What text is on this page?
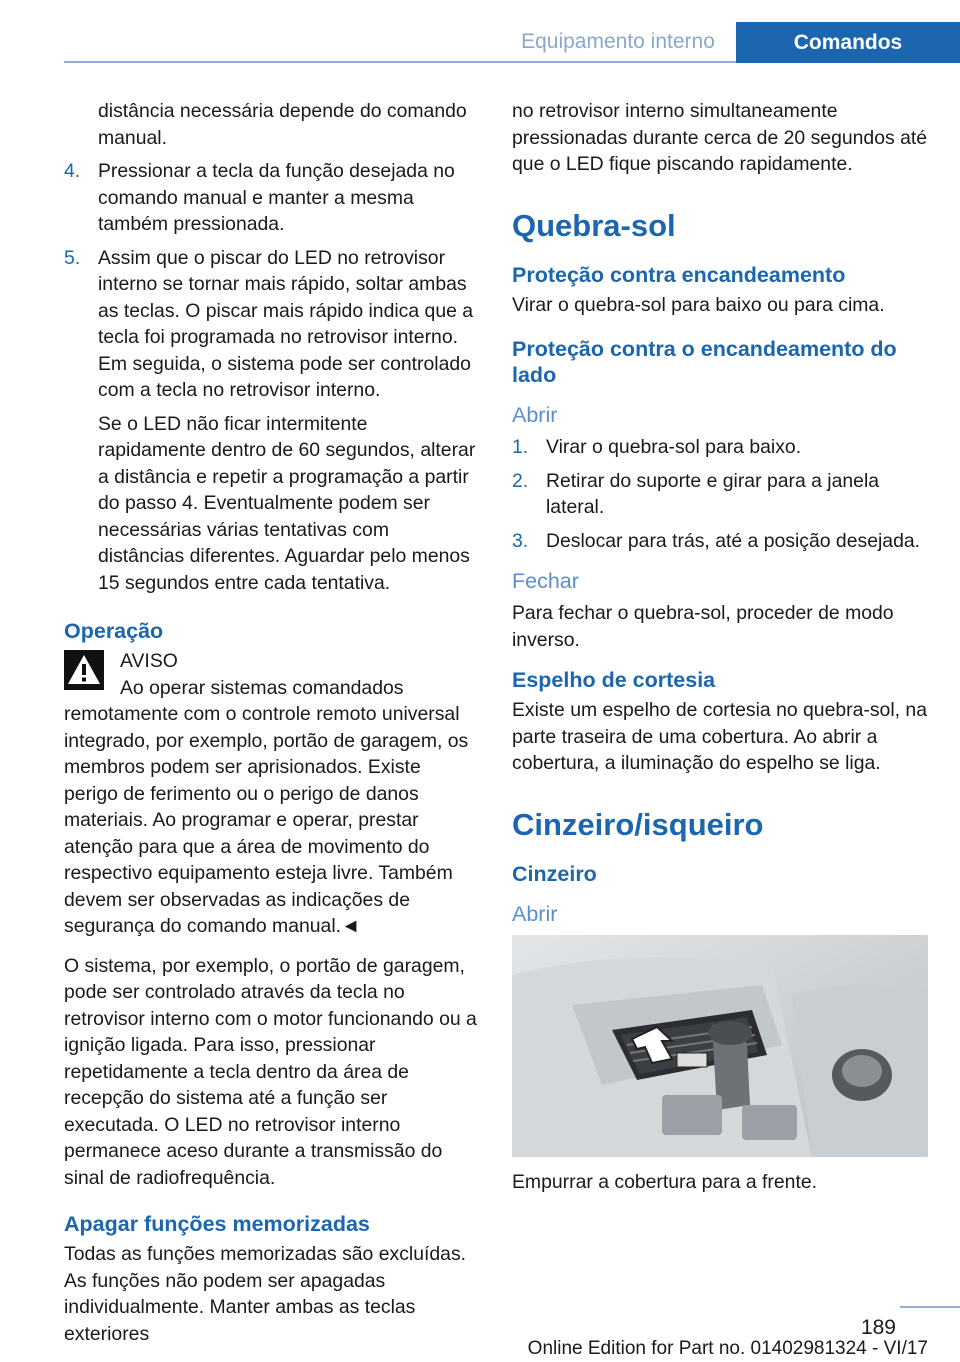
Equipamento interno	Comandos

distância necessária depende do comando manual.

4. Pressionar a tecla da função desejada no comando manual e manter a mesma também pressionada.
5. Assim que o piscar do LED no retrovisor interno se tornar mais rápido, soltar ambas as teclas. O piscar mais rápido indica que a tecla foi programada no retrovisor interno. Em seguida, o sistema pode ser controlado com a tecla no retrovisor interno.

Se o LED não ficar intermitente rapidamente dentro de 60 segundos, alterar a distância e repetir a programação a partir do passo 4. Eventualmente podem ser necessárias várias tentativas com distâncias diferentes. Aguardar pelo menos 15 segundos entre cada tentativa.

Operação
AVISO

Ao operar sistemas comandados remotamente com o controle remoto universal integrado, por exemplo, portão de garagem, os membros podem ser aprisionados. Existe perigo de ferimento ou o perigo de danos materiais. Ao programar e operar, prestar atenção para que a área de movimento do respectivo equipamento esteja livre. Também devem ser observadas as indicações de segurança do comando manual.◄

O sistema, por exemplo, o portão de garagem, pode ser controlado através da tecla no retrovisor interno com o motor funcionando ou a ignição ligada. Para isso, pressionar repetidamente a tecla dentro da área de recepção do sistema até a função ser executada. O LED no retrovisor interno permanece aceso durante a transmissão do sinal de radiofrequência.

Apagar funções memorizadas

Todas as funções memorizadas são excluídas. As funções não podem ser apagadas individualmente. Manter ambas as teclas exteriores

no retrovisor interno simultaneamente pressionadas durante cerca de 20 segundos até que o LED fique piscando rapidamente.

Quebra-sol
Proteção contra encandeamento

Virar o quebra-sol para baixo ou para cima.

Proteção contra o encandeamento do lado
Abrir
1. Virar o quebra-sol para baixo.
2. Retirar do suporte e girar para a janela lateral.
3. Deslocar para trás, até a posição desejada.
Fechar

Para fechar o quebra-sol, proceder de modo inverso.

Espelho de cortesia

Existe um espelho de cortesia no quebra-sol, na parte traseira de uma cobertura. Ao abrir a cobertura, a iluminação do espelho se liga.

Cinzeiro/isqueiro
Cinzeiro
Abrir

Empurrar a cobertura para a frente.

189
Online Edition for Part no. 01402981324 - VI/17
